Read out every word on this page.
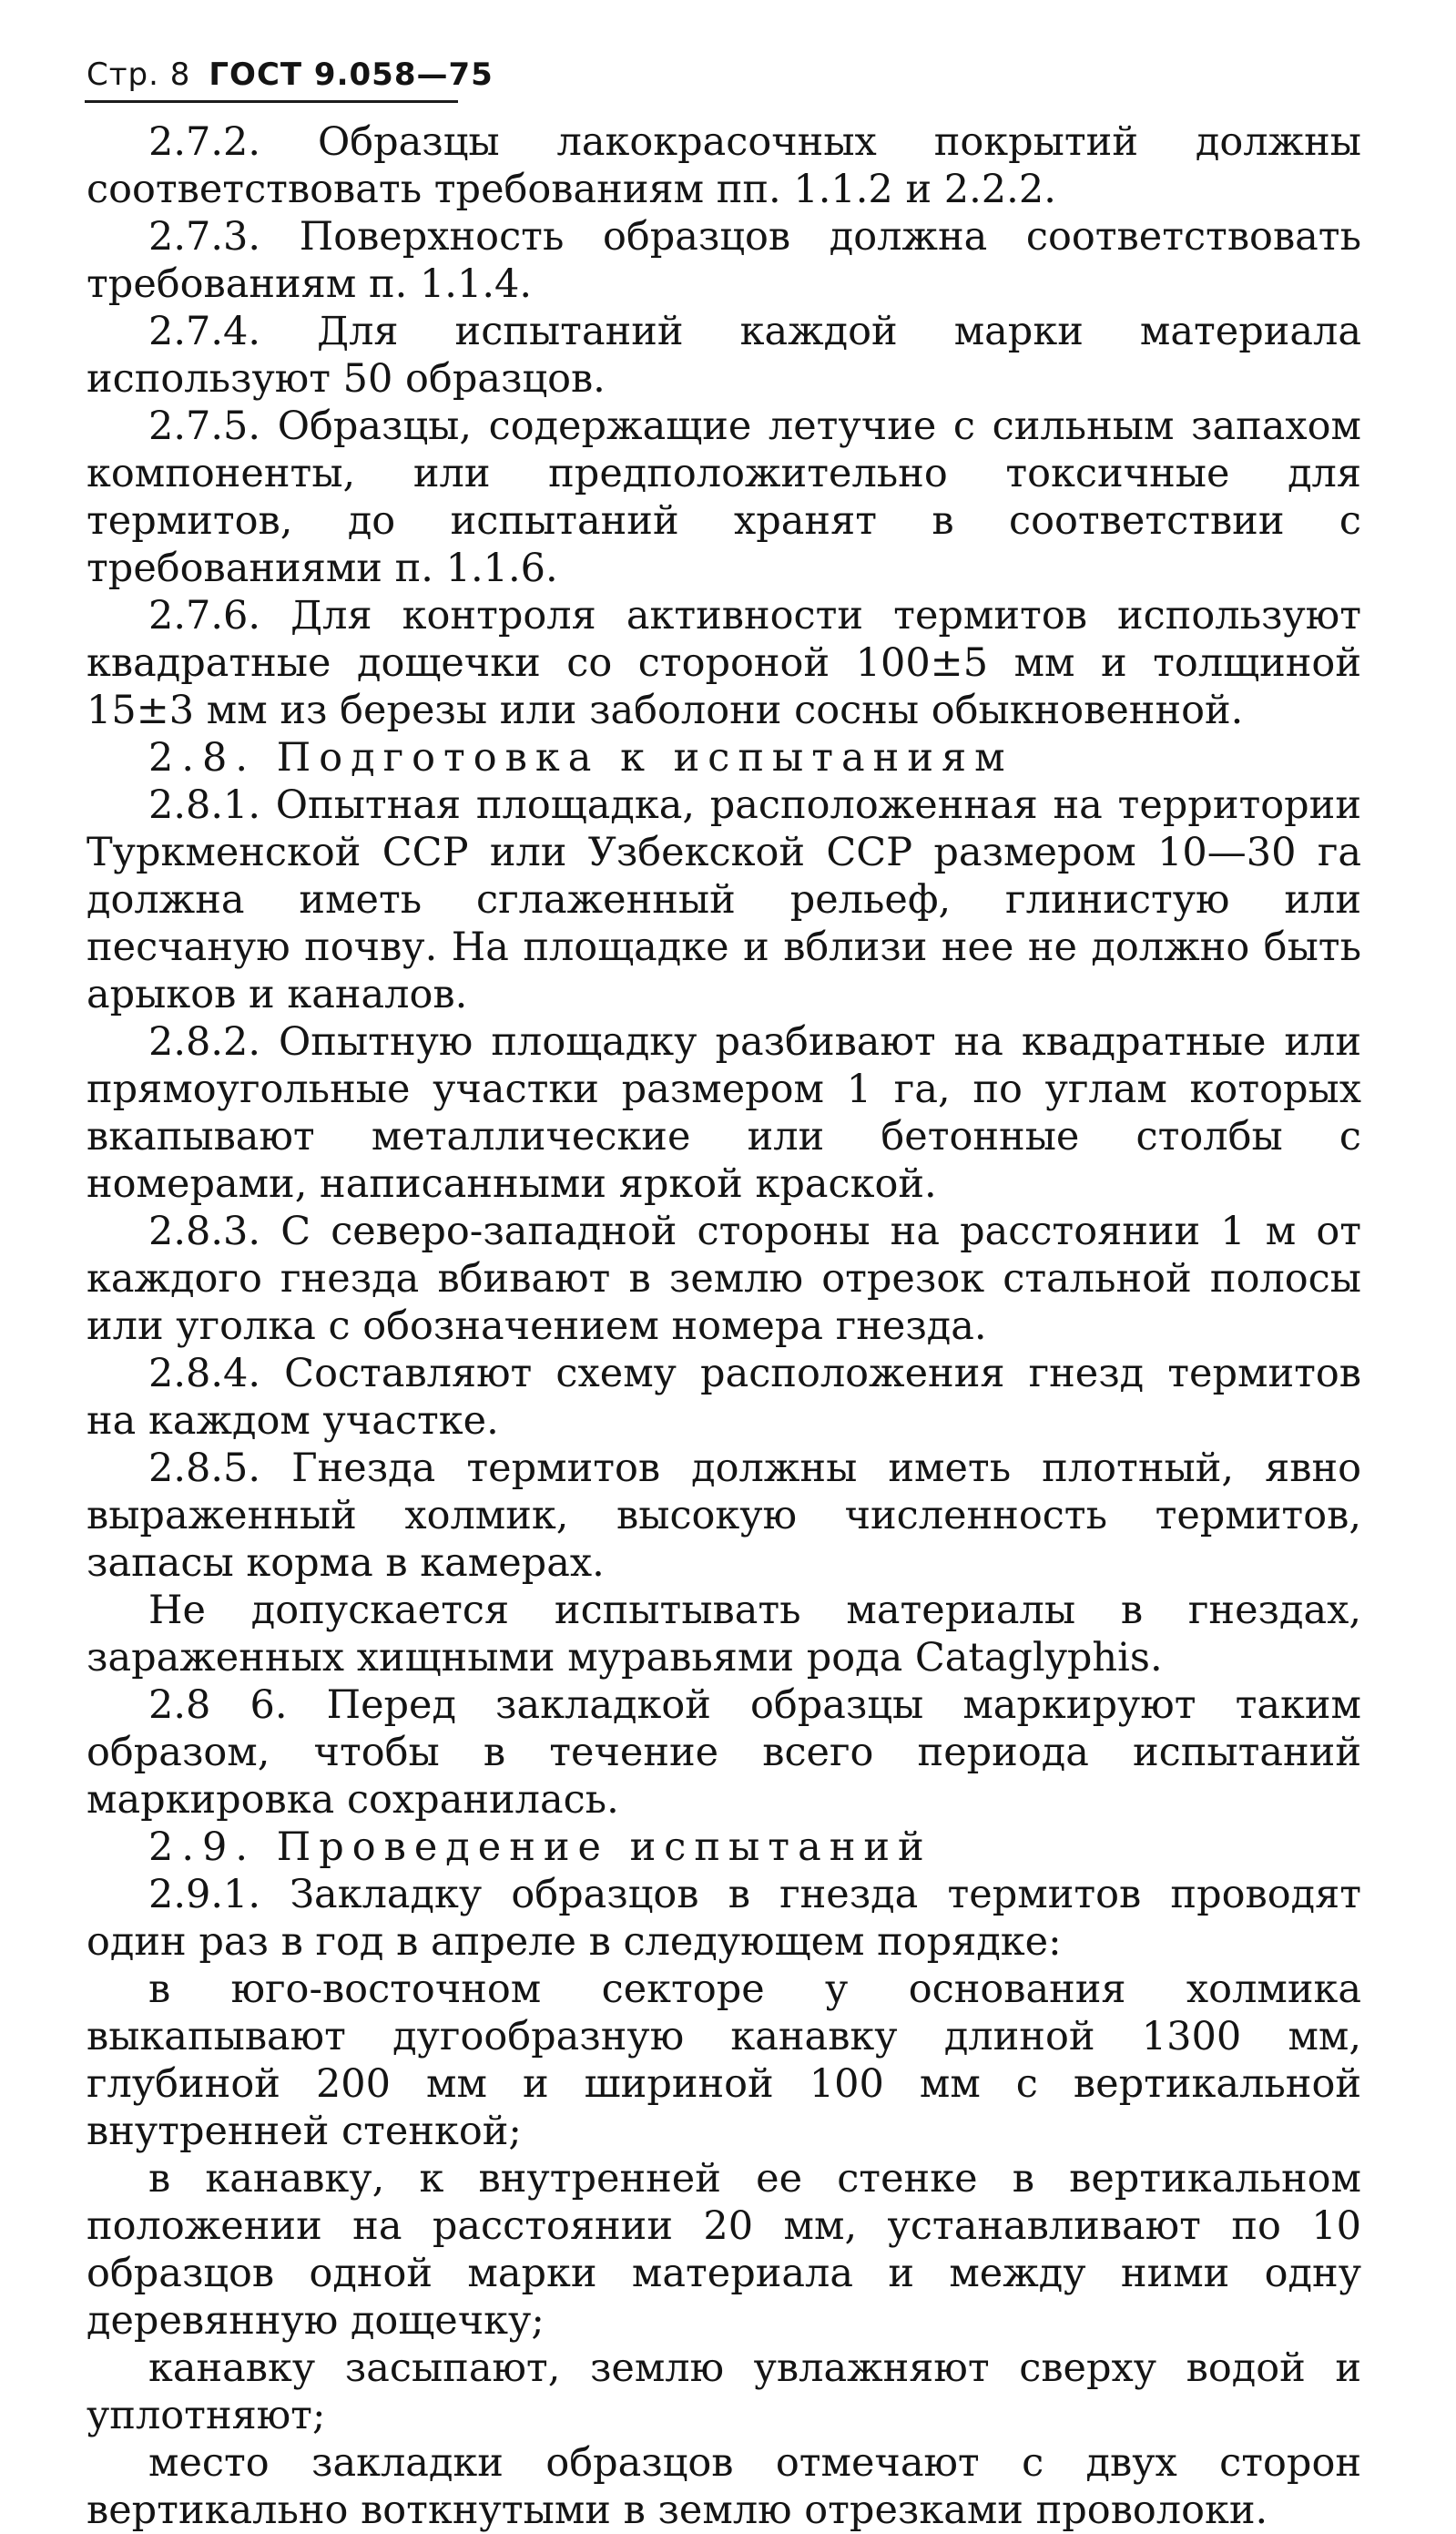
Стр. 8 ГОСТ 9.058—75

2.7.2. Образцы лакокрасочных покрытий должны соответствовать требованиям пп. 1.1.2 и 2.2.2.

2.7.3. Поверхность образцов должна соответствовать требованиям п. 1.1.4.

2.7.4. Для испытаний каждой марки материала используют 50 образцов.

2.7.5. Образцы, содержащие летучие с сильным запахом компоненты, или предположительно токсичные для термитов, до испытаний хранят в соответствии с требованиями п. 1.1.6.

2.7.6. Для контроля активности термитов используют квадратные дощечки со стороной 100±5 мм и толщиной 15±3 мм из березы или заболони сосны обыкновенной.

2.8. Подготовка к испытаниям

2.8.1. Опытная площадка, расположенная на территории Туркменской ССР или Узбекской ССР размером 10—30 га должна иметь сглаженный рельеф, глинистую или песчаную почву. На площадке и вблизи нее не должно быть арыков и каналов.

2.8.2. Опытную площадку разбивают на квадратные или прямоугольные участки размером 1 га, по углам которых вкапывают металлические или бетонные столбы с номерами, написанными яркой краской.

2.8.3. С северо-западной стороны на расстоянии 1 м от каждого гнезда вбивают в землю отрезок стальной полосы или уголка с обозначением номера гнезда.

2.8.4. Составляют схему расположения гнезд термитов на каждом участке.

2.8.5. Гнезда термитов должны иметь плотный, явно выраженный холмик, высокую численность термитов, запасы корма в камерах.

Не допускается испытывать материалы в гнездах, зараженных хищными муравьями рода Cataglyphis.

2.8 6. Перед закладкой образцы маркируют таким образом, чтобы в течение всего периода испытаний маркировка сохранилась.

2.9. Проведение испытаний

2.9.1. Закладку образцов в гнезда термитов проводят один раз в год в апреле в следующем порядке:

в юго-восточном секторе у основания холмика выкапывают дугообразную канавку длиной 1300 мм, глубиной 200 мм и шириной 100 мм с вертикальной внутренней стенкой;

в канавку, к внутренней ее стенке в вертикальном положении на расстоянии 20 мм, устанавливают по 10 образцов одной марки материала и между ними одну деревянную дощечку;

канавку засыпают, землю увлажняют сверху водой и уплотняют;

место закладки образцов отмечают с двух сторон вертикально воткнутыми в землю отрезками проволоки.
